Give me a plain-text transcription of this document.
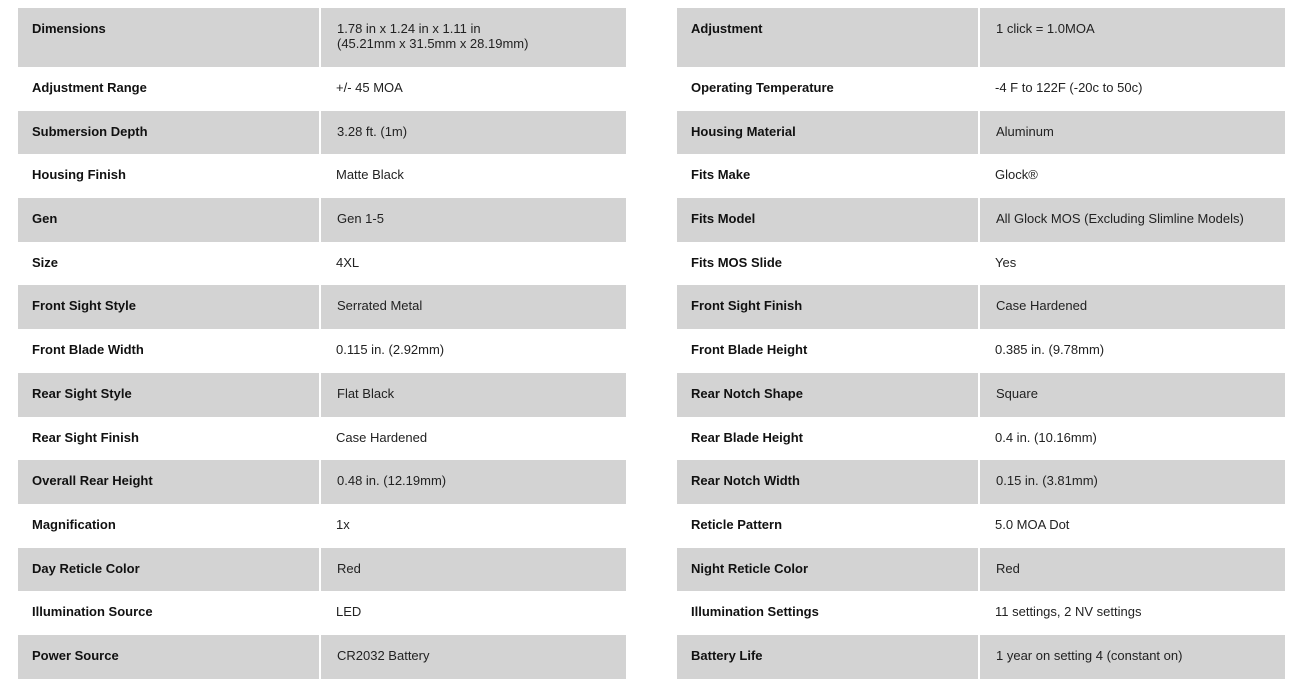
Dimensions	1.78 in x 1.24 in x 1.11 in
(45.21mm x 31.5mm x 28.19mm)

Adjustment Range	+/- 45 MOA
Submersion Depth	3.28 ft. (1m)
Housing Finish	Matte Black
Gen	Gen 1-5
Size	4XL
Front Sight Style	Serrated Metal
Front Blade Width	0.115 in. (2.92mm)
Rear Sight Style	Flat Black
Rear Sight Finish	Case Hardened
Overall Rear Height	0.48 in. (12.19mm)
Magnification	1x
Day Reticle Color	Red
Illumination Source	LED
Power Source	CR2032 Battery
Adjustment	1 click = 1.0MOA
Operating Temperature	-4 F to 122F (-20c to 50c)
Housing Material	Aluminum
Fits Make	Glock®
Fits Model	All Glock MOS (Excluding Slimline Models)
Fits MOS Slide	Yes
Front Sight Finish	Case Hardened
Front Blade Height	0.385 in. (9.78mm)
Rear Notch Shape	Square
Rear Blade Height	0.4 in. (10.16mm)
Rear Notch Width	0.15 in. (3.81mm)
Reticle Pattern	5.0 MOA Dot
Night Reticle Color	Red
Illumination Settings	11 settings, 2 NV settings
Battery Life	1 year on setting 4 (constant on)
